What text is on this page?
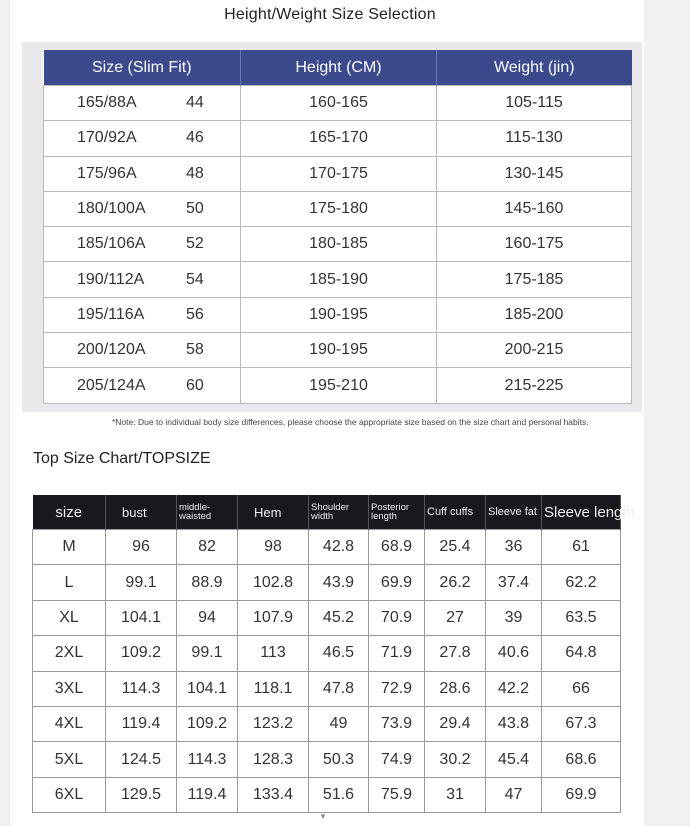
Height/Weight Size Selection
Size (Slim Fit)	Height (CM)	Weight (jin)

165/88A 44	160-165	105-115

170/92A 46	165-170	115-130

175/96A 48	170-175	130-145

180/100A 50	175-180	145-160

185/106A 52	180-185	160-175

190/112A 54	185-190	175-185

195/116A 56	190-195	185-200

200/120A 58	190-195	200-215

205/124A 60	195-210	215-225
*Note: Due to individual body size differences, please choose the appropriate size based on the size chart and personal habits.
Top Size Chart/TOPSIZE
size	bust	middle-waisted	Hem	Shoulder width	Posterior length	Cuff cuffs	Sleeve fat	Sleeve length
M	96	82	98	42.8	68.9	25.4	36	61
L	99.1	88.9	102.8	43.9	69.9	26.2	37.4	62.2
XL	104.1	94	107.9	45.2	70.9	27	39	63.5
2XL	109.2	99.1	113	46.5	71.9	27.8	40.6	64.8
3XL	114.3	104.1	118.1	47.8	72.9	28.6	42.2	66
4XL	119.4	109.2	123.2	49	73.9	29.4	43.8	67.3
5XL	124.5	114.3	128.3	50.3	74.9	30.2	45.4	68.6
6XL	129.5	119.4	133.4	51.6	75.9	31	47	69.9
▼
